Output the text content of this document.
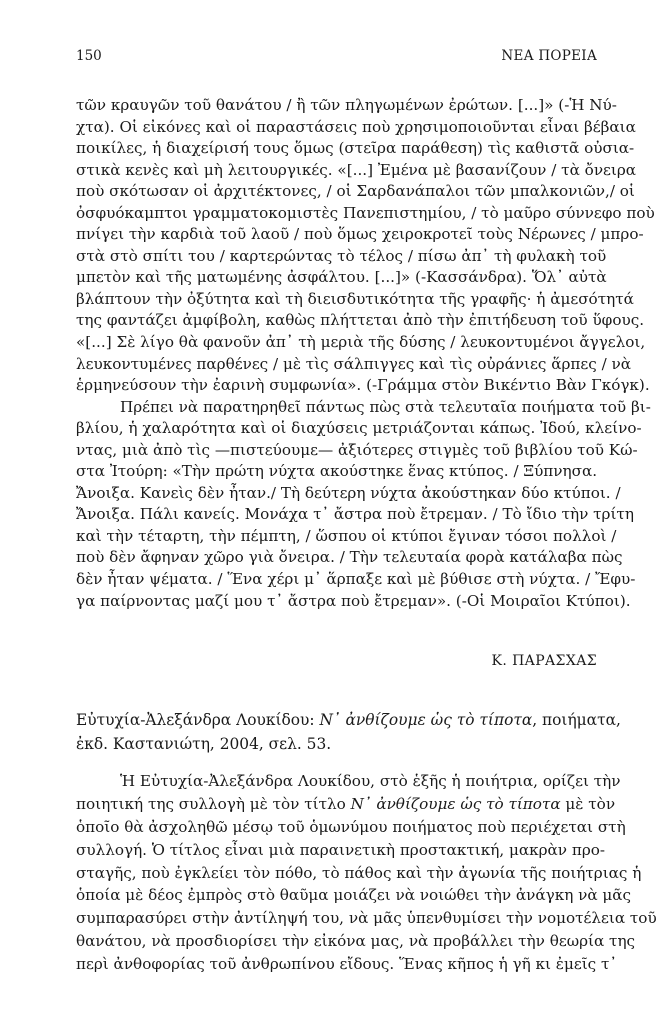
150	ΝΕΑ ΠΟΡΕΙΑ
τῶν κραυγῶν τοῦ θανάτου / ἢ τῶν πληγωμένων ἐρώτων. [...]» (-Ἡ Νύ-
χτα). Οἱ εἰκόνες καὶ οἱ παραστάσεις ποὺ χρησιμοποιοῦνται εἶναι βέβαια
ποικίλες, ἡ διαχείρισή τους ὅμως (στεῖρα παράθεση) τὶς καθιστᾶ οὐσια-
στικὰ κενὲς καὶ μὴ λειτουργικές. «[...] Ἐμένα μὲ βασανίζουν / τὰ ὄνειρα
ποὺ σκότωσαν οἱ ἀρχιτέκτονες, / οἱ Σαρδανάπαλοι τῶν μπαλκονιῶν,/ οἱ
ὀσφυόκαμπτοι γραμματοκομιστὲς Πανεπιστημίου, / τὸ μαῦρο σύννεφο ποὺ
πνίγει τὴν καρδιὰ τοῦ λαοῦ / ποὺ ὅμως χειροκροτεῖ τοὺς Νέρωνες / μπρο-
στὰ στὸ σπίτι του / καρτερώντας τὸ τέλος / πίσω ἀπ᾽ τὴ φυλακὴ τοῦ
μπετὸν καὶ τῆς ματωμένης ἀσφάλτου. [...]» (-Κασσάνδρα). Ὅλ᾽ αὐτὰ
βλάπτουν τὴν ὀξύτητα καὶ τὴ διεισδυτικότητα τῆς γραφῆς· ἡ ἀμεσότητά
της φαντάζει ἀμφίβολη, καθὼς πλήττεται ἀπὸ τὴν ἐπιτήδευση τοῦ ὕφους.
«[...] Σὲ λίγο θὰ φανοῦν ἀπ᾽ τὴ μεριὰ τῆς δύσης / λευκοντυμένοι ἄγγελοι,
λευκοντυμένες παρθένες / μὲ τὶς σάλπιγγες καὶ τὶς οὐράνιες ἅρπες / νὰ
ἑρμηνεύσουν τὴν ἐαρινὴ συμφωνία». (-Γράμμα στὸν Βικέντιο Βὰν Γκόγκ).
Πρέπει νὰ παρατηρηθεῖ πάντως πὼς στὰ τελευταῖα ποιήματα τοῦ βι-
βλίου, ἡ χαλαρότητα καὶ οἱ διαχύσεις μετριάζονται κάπως. Ἰδού, κλείνο-
ντας, μιὰ ἀπὸ τὶς —πιστεύουμε— ἀξιότερες στιγμὲς τοῦ βιβλίου τοῦ Κώ-
στα Ἰτούρη: «Τὴν πρώτη νύχτα ακούστηκε ἕνας κτύπος. / Ξύπνησα.
Ἄνοιξα. Κανεὶς δὲν ἦταν./ Τὴ δεύτερη νύχτα ἀκούστηκαν δύο κτύποι. /
Ἄνοιξα. Πάλι κανείς. Μονάχα τ᾽ ἄστρα ποὺ ἔτρεμαν. / Τὸ ἴδιο τὴν τρίτη
καὶ τὴν τέταρτη, τὴν πέμπτη, / ὥσπου οἱ κτύποι ἔγιναν τόσοι πολλοὶ /
ποὺ δὲν ἄφηναν χῶρο γιὰ ὄνειρα. / Τὴν τελευταία φορὰ κατάλαβα πὼς
δὲν ἦταν ψέματα. / Ἕνα χέρι μ᾽ ἅρπαξε καὶ μὲ βύθισε στὴ νύχτα. / Ἔφυ-
γα παίρνοντας μαζί μου τ᾽ ἄστρα ποὺ ἔτρεμαν». (-Οἱ Μοιραῖοι Κτύποι).
Κ. ΠΑΡΑΣΧΑΣ
Εὐτυχία-Ἀλεξάνδρα Λουκίδου: Ν᾽ ἀνθίζουμε ὡς τὸ τίποτα, ποιήματα,
ἐκδ. Καστανιώτη, 2004, σελ. 53.
Ἡ Εὐτυχία-Ἀλεξάνδρα Λουκίδου, στὸ ἑξῆς ἡ ποιήτρια, ορίζει τὴν
ποιητική της συλλογὴ μὲ τὸν τίτλο Ν᾽ ἀνθίζουμε ὡς τὸ τίποτα μὲ τὸν
ὁποῖο θὰ ἀσχοληθῶ μέσῳ τοῦ ὁμωνύμου ποιήματος ποὺ περιέχεται στὴ
συλλογή. Ὁ τίτλος εἶναι μιὰ παραινετικὴ προστακτική, μακρὰν προ-
σταγῆς, ποὺ ἐγκλείει τὸν πόθο, τὸ πάθος καὶ τὴν ἀγωνία τῆς ποιήτριας ἡ
ὁποία μὲ δέος ἐμπρὸς στὸ θαῦμα μοιάζει νὰ νοιώθει τὴν ἀνάγκη νὰ μᾶς
συμπαρασύρει στὴν ἀντίληψή του, νὰ μᾶς ὑπενθυμίσει τὴν νομοτέλεια τοῦ
θανάτου, νὰ προσδιορίσει τὴν εἰκόνα μας, νὰ προβάλλει τὴν θεωρία της
περὶ ἀνθοφορίας τοῦ ἀνθρωπίνου εἴδους. Ἕνας κῆπος ἡ γῆ κι ἐμεῖς τ᾽
